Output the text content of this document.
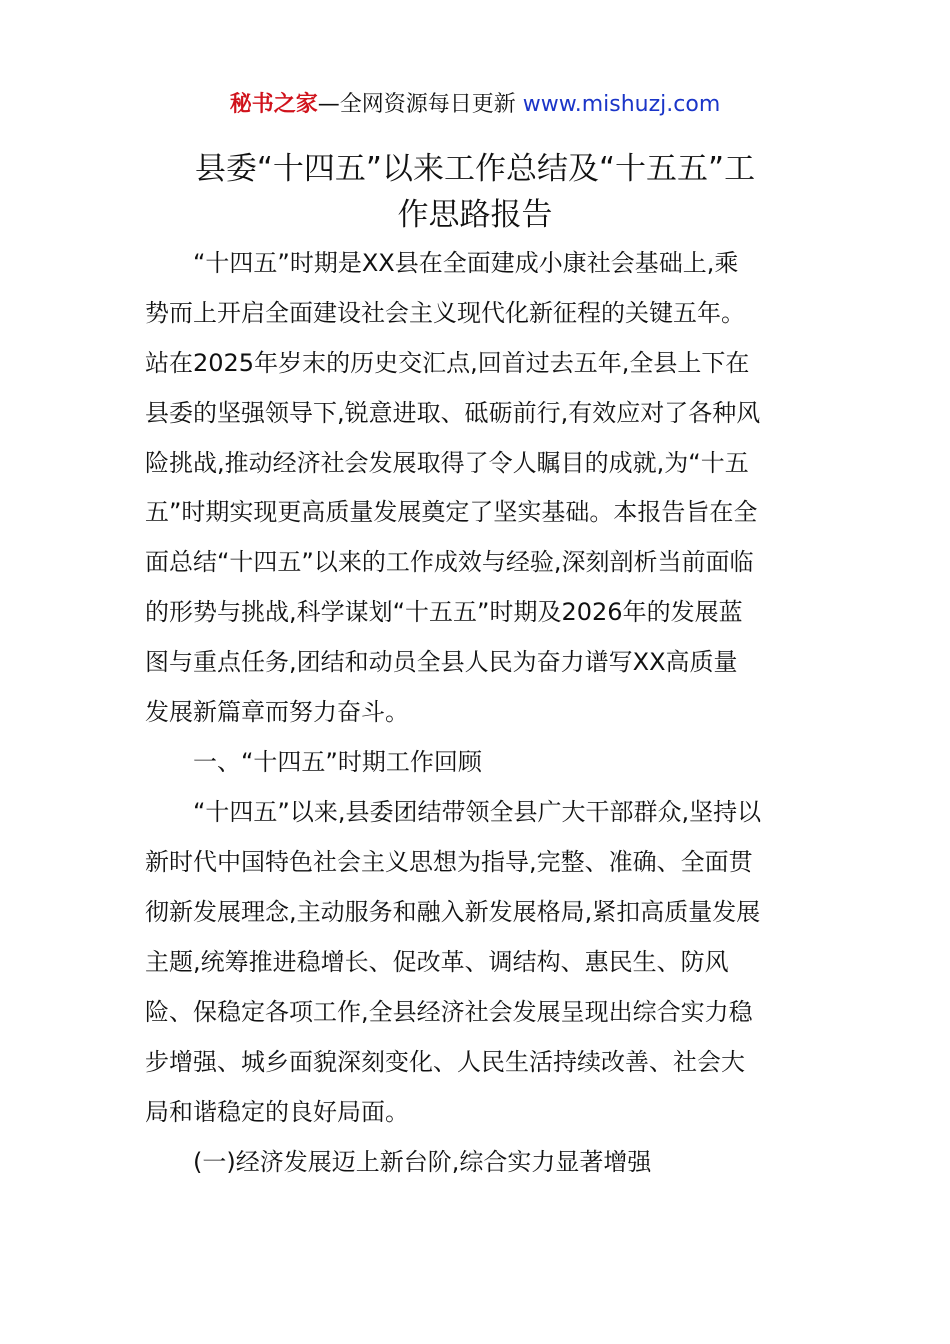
秘书之家—全网资源每日更新 www.mishuzj.com
县委“十四五”以来工作总结及“十五五”工
作思路报告
　　“十四五”时期是XX县在全面建成小康社会基础上,乘
势而上开启全面建设社会主义现代化新征程的关键五年。
站在2025年岁末的历史交汇点,回首过去五年,全县上下在
县委的坚强领导下,锐意进取、砥砺前行,有效应对了各种风
险挑战,推动经济社会发展取得了令人瞩目的成就,为“十五
五”时期实现更高质量发展奠定了坚实基础。本报告旨在全
面总结“十四五”以来的工作成效与经验,深刻剖析当前面临
的形势与挑战,科学谋划“十五五”时期及2026年的发展蓝
图与重点任务,团结和动员全县人民为奋力谱写XX高质量
发展新篇章而努力奋斗。
　　一、“十四五”时期工作回顾
　　“十四五”以来,县委团结带领全县广大干部群众,坚持以
新时代中国特色社会主义思想为指导,完整、准确、全面贯
彻新发展理念,主动服务和融入新发展格局,紧扣高质量发展
主题,统筹推进稳增长、促改革、调结构、惠民生、防风
险、保稳定各项工作,全县经济社会发展呈现出综合实力稳
步增强、城乡面貌深刻变化、人民生活持续改善、社会大
局和谐稳定的良好局面。
　　(一)经济发展迈上新台阶,综合实力显著增强
